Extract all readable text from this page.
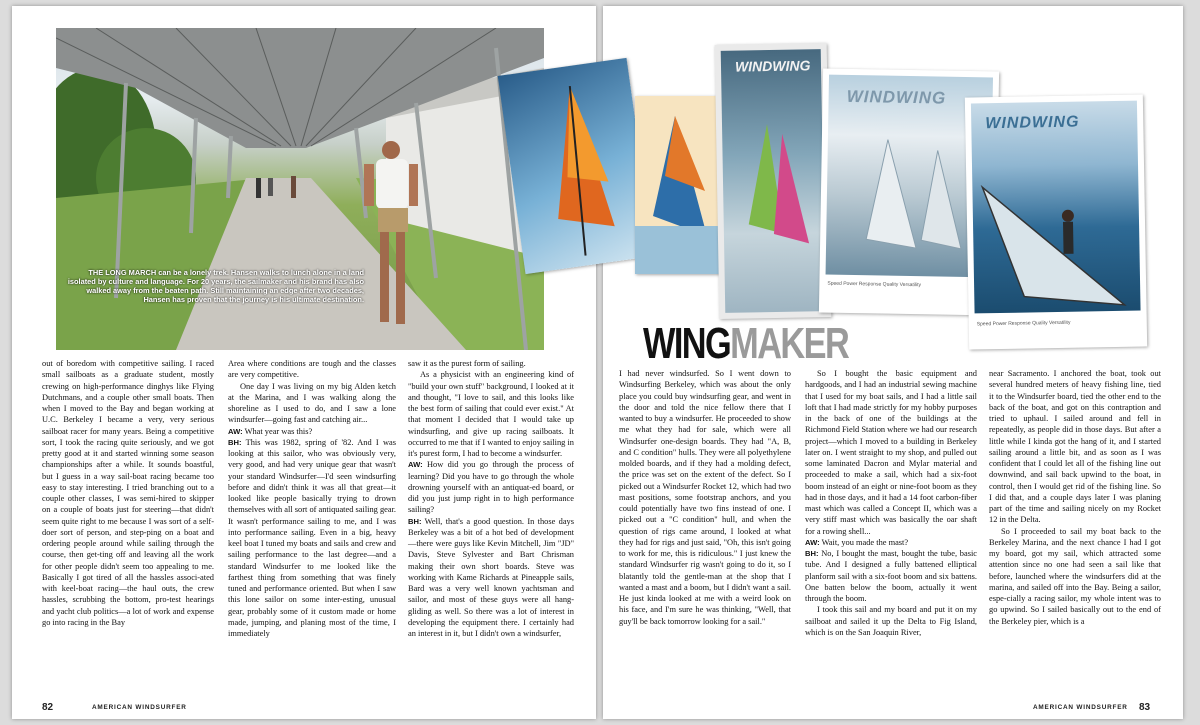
THE LONG MARCH can be a lonely trek. Hansen walks to lunch alone in a land isolated by culture and language. For 20 years, the sailmaker and his brand has also walked away from the beaten path. Still maintaining an edge after two decades, Hansen has proven that the journey is his ultimate destination.

out of boredom with competitive sailing. I raced small sailboats as a graduate student, mostly crewing on high-performance dinghys like Flying Dutchmans, and a couple other small boats. Then when I moved to the Bay and began working at U.C. Berkeley I became a very, very serious sailboat racer for many years. Being a competitive sort, I took the racing quite seriously, and we got pretty good at it and started winning some season championships after a while. It sounds boastful, but I guess in a way sail-boat racing became too easy to stay interesting. I tried branching out to a couple other classes, I was semi-hired to skipper on a couple of boats just for steering—that didn't seem quite right to me because I was sort of a self-doer sort of person, and step-ping on a boat and ordering people around while sailing through the course, then get-ting off and leaving all the work for other people didn't seem too appealing to me. Basically I got tired of all the hassles associ-ated with keel-boat racing—the haul outs, the crew hassles, scrubbing the bottom, pro-test hearings and yacht club politics—a lot of work and expense go into racing in the Bay

Area where conditions are tough and the classes are very competitive.

One day I was living on my big Alden ketch at the Marina, and I was walking along the shoreline as I used to do, and I saw a lone windsurfer—going fast and catching air...

AW: What year was this?

BH: This was 1982, spring of '82. And I was looking at this sailor, who was obviously very, very good, and had very unique gear that wasn't your standard Windsurfer—I'd seen windsurfing before and didn't think it was all that great—it looked like people basically trying to drown themselves with all sort of antiquated sailing gear. It wasn't performance sailing to me, and I was into performance sailing. Even in a big, heavy keel boat I tuned my boats and sails and crew and sailing performance to the last degree—and a standard Windsurfer to me looked like the farthest thing from something that was finely tuned and performance oriented. But when I saw this lone sailor on some inter-esting, unusual gear, probably some of it custom made or home made, jumping, and planing most of the time, I immediately

saw it as the purest form of sailing.

As a physicist with an engineering kind of "build your own stuff" background, I looked at it and thought, "I love to sail, and this looks like the best form of sailing that could ever exist." At that moment I decided that I would take up windsurfing, and give up racing sailboats. It occurred to me that if I wanted to enjoy sailing in it's purest form, I had to become a windsurfer.

AW: How did you go through the process of learning? Did you have to go through the whole drowning yourself with an antiquat-ed board, or did you just jump right in to high performance sailing?

BH: Well, that's a good question. In those days Berkeley was a bit of a hot bed of development—there were guys like Kevin Mitchell, Jim "JD" Davis, Steve Sylvester and Bart Chrisman making their own short boards. Steve was working with Kame Richards at Pineapple sails, Bard was a very well known yachtsman and sailor, and most of these guys were all hang-gliding as well. So there was a lot of interest in developing the equipment there. I certainly had an interest in it, but I didn't own a windsurfer,

82	AMERICAN WINDSURFER
WINDWING
WINDWING
Speed Power Response Quality Versatility
WINDWING
Speed Power Response Quality Versatility
WINGMAKER

I had never windsurfed. So I went down to Windsurfing Berkeley, which was about the only place you could buy windsurfing gear, and went in the door and told the nice fellow there that I wanted to buy a windsurfer. He proceeded to show me what they had for sale, which were all Windsurfer one-design boards. They had "A, B, and C condition" hulls. They were all polyethylene molded boards, and if they had a molding defect, the price was set on the extent of the defect. So I picked out a Windsurfer Rocket 12, which had two mast positions, some footstrap anchors, and you could potentially have two fins instead of one. I picked out a "C condition" hull, and when the question of rigs came around, I looked at what they had for rigs and just said, "Oh, this isn't going to work for me, this is ridiculous." I just knew the standard Windsurfer rig wasn't going to do it, so I blatantly told the gentle-man at the shop that I wanted a mast and a boom, but I didn't want a sail. He just kinda looked at me with a weird look on his face, and I'm sure he was thinking, "Well, that guy'll be back tomorrow looking for a sail."

So I bought the basic equipment and hardgoods, and I had an industrial sewing machine that I used for my boat sails, and I had a little sail loft that I had made strictly for my hobby purposes in the back of one of the buildings at the Richmond Field Station where we had our research project—which I moved to a building in Berkeley later on. I went straight to my shop, and pulled out some laminated Dacron and Mylar material and proceeded to make a sail, which had a six-foot boom instead of an eight or nine-foot boom as they had in those days, and it had a 14 foot carbon-fiber mast which was called a Concept II, which was a very stiff mast which was basically the oar shaft for a rowing shell...

AW: Wait, you made the mast?

BH: No, I bought the mast, bought the tube, basic tube. And I designed a fully battened elliptical planform sail with a six-foot boom and six battens. One batten below the boom, actually it went through the boom.

I took this sail and my board and put it on my sailboat and sailed it up the Delta to Fig Island, which is on the San Joaquin River,

near Sacramento. I anchored the boat, took out several hundred meters of heavy fishing line, tied it to the Windsurfer board, tied the other end to the back of the boat, and got on this contraption and tried to uphaul. I sailed around and fell in repeatedly, as people did in those days. But after a little while I kinda got the hang of it, and I started sailing around a little bit, and as soon as I was confident that I could let all of the fishing line out downwind, and sail back upwind to the boat, in control, then I would get rid of the fishing line. So I did that, and a couple days later I was planing part of the time and sailing nicely on my Rocket 12 in the Delta.

So I proceeded to sail my boat back to the Berkeley Marina, and the next chance I had I got my board, got my sail, which attracted some attention since no one had seen a sail like that before, launched where the windsurfers did at the marina, and sailed off into the Bay. Being a sailor, espe-cially a racing sailor, my whole intent was to go upwind. So I sailed basically out to the end of the Berkeley pier, which is a

AMERICAN WINDSURFER 83
